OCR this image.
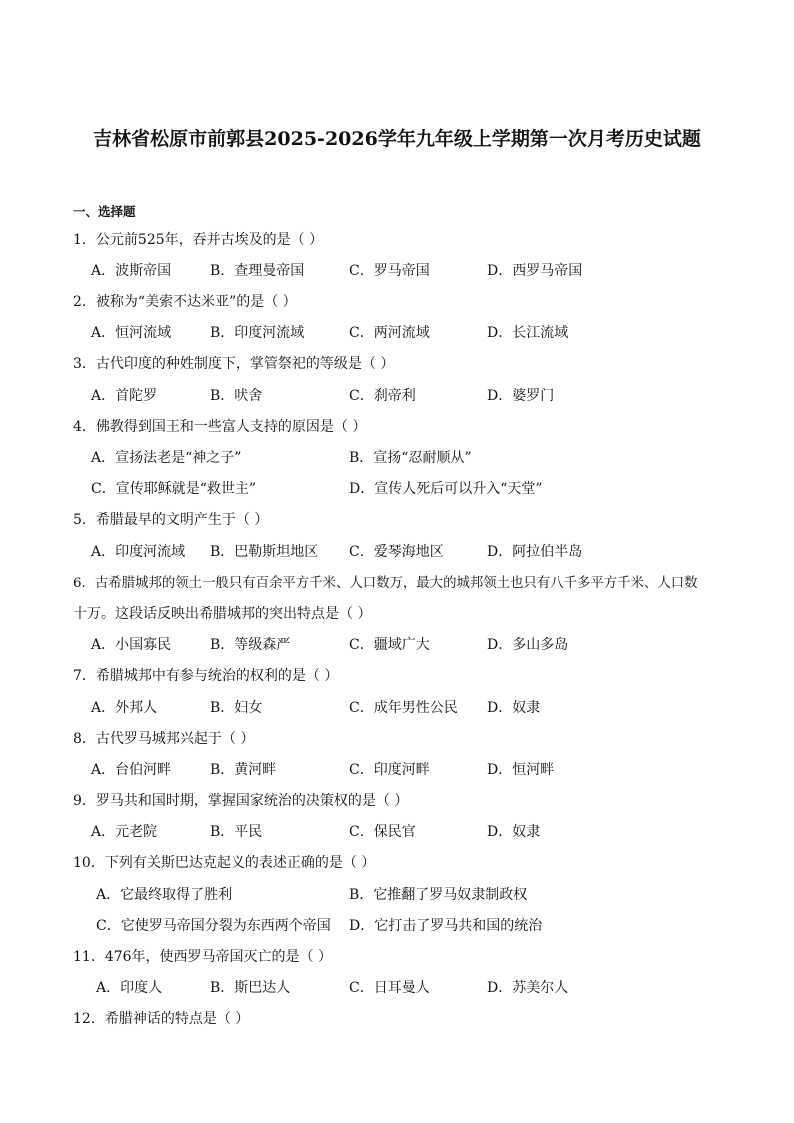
吉林省松原市前郭县2025-2026学年九年级上学期第一次月考历史试题
一、选择题
1．公元前525年，吞并古埃及的是（ ）
A．波斯帝国	B．查理曼帝国	C．罗马帝国	D．西罗马帝国
2．被称为“美索不达米亚”的是（ ）
A．恒河流域	B．印度河流域	C．两河流域	D．长江流域
3．古代印度的种姓制度下，掌管祭祀的等级是（ ）
A．首陀罗	B．吠舍	C．刹帝利	D．婆罗门
4．佛教得到国王和一些富人支持的原因是（ ）
A．宣扬法老是“神之子”	B．宣扬“忍耐顺从”
C．宣传耶稣就是“救世主”	D．宣传人死后可以升入“天堂”
5．希腊最早的文明产生于（ ）
A．印度河流域 B．巴勒斯坦地区 C．爱琴海地区	D．阿拉伯半岛
6．古希腊城邦的领土一般只有百余平方千米、人口数万，最大的城邦领土也只有八千多平方千米、人口数
十万。这段话反映出希腊城邦的突出特点是（ ）
A．小国寡民	B．等级森严	C．疆域广大	D．多山多岛
7．希腊城邦中有参与统治的权利的是（ ）
A．外邦人	B．妇女	C．成年男性公民 D．奴隶
8．古代罗马城邦兴起于（ ）
A．台伯河畔	B．黄河畔	C．印度河畔	D．恒河畔
9．罗马共和国时期，掌握国家统治的决策权的是（ ）
A．元老院	B．平民	C．保民官	D．奴隶
10．下列有关斯巴达克起义的表述正确的是（ ）
A．它最终取得了胜利	B．它推翻了罗马奴隶制政权
C．它使罗马帝国分裂为东西两个帝国 D．它打击了罗马共和国的统治
11．476年，使西罗马帝国灭亡的是（ ）
A．印度人	B．斯巴达人	C．日耳曼人	D．苏美尔人
12．希腊神话的特点是（ ）
